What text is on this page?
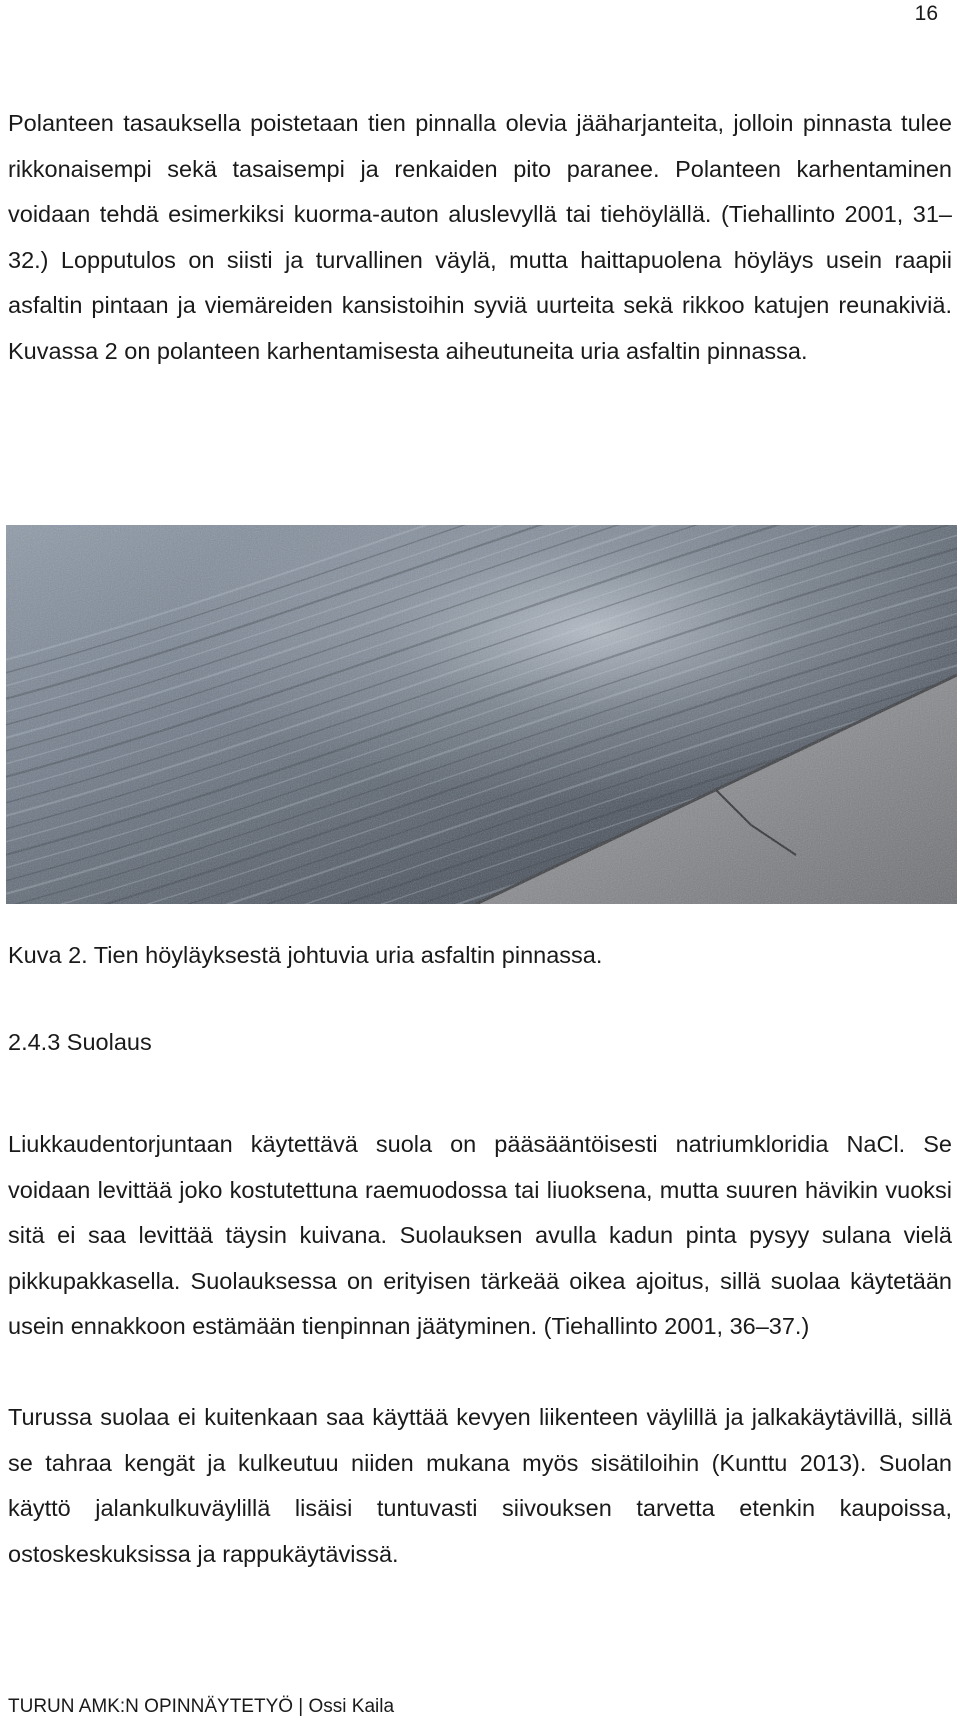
16

Polanteen tasauksella poistetaan tien pinnalla olevia jääharjanteita, jolloin pinnasta tulee rikkonaisempi sekä tasaisempi ja renkaiden pito paranee. Polanteen karhentaminen voidaan tehdä esimerkiksi kuorma-auton aluslevyllä tai tiehöylällä. (Tiehallinto 2001, 31–32.) Lopputulos on siisti ja turvallinen väylä, mutta haittapuolena höyläys usein raapii asfaltin pintaan ja viemäreiden kansistoihin syviä uurteita sekä rikkoo katujen reunakiviä. Kuvassa 2 on polanteen karhentamisesta aiheutuneita uria asfaltin pinnassa.

Kuva 2. Tien höyläyksestä johtuvia uria asfaltin pinnassa.
2.4.3 Suolaus

Liukkaudentorjuntaan käytettävä suola on pääsääntöisesti natriumkloridia NaCl. Se voidaan levittää joko kostutettuna raemuodossa tai liuoksena, mutta suuren hävikin vuoksi sitä ei saa levittää täysin kuivana. Suolauksen avulla kadun pinta pysyy sulana vielä pikkupakkasella. Suolauksessa on erityisen tärkeää oikea ajoitus, sillä suolaa käytetään usein ennakkoon estämään tienpinnan jäätyminen. (Tiehallinto 2001, 36–37.)

Turussa suolaa ei kuitenkaan saa käyttää kevyen liikenteen väylillä ja jalkakäytävillä, sillä se tahraa kengät ja kulkeutuu niiden mukana myös sisätiloihin (Kunttu 2013). Suolan käyttö jalankulkuväylillä lisäisi tuntuvasti siivouksen tarvetta etenkin kaupoissa, ostoskeskuksissa ja rappukäytävissä.

TURUN AMK:N OPINNÄYTETYÖ | Ossi Kaila
